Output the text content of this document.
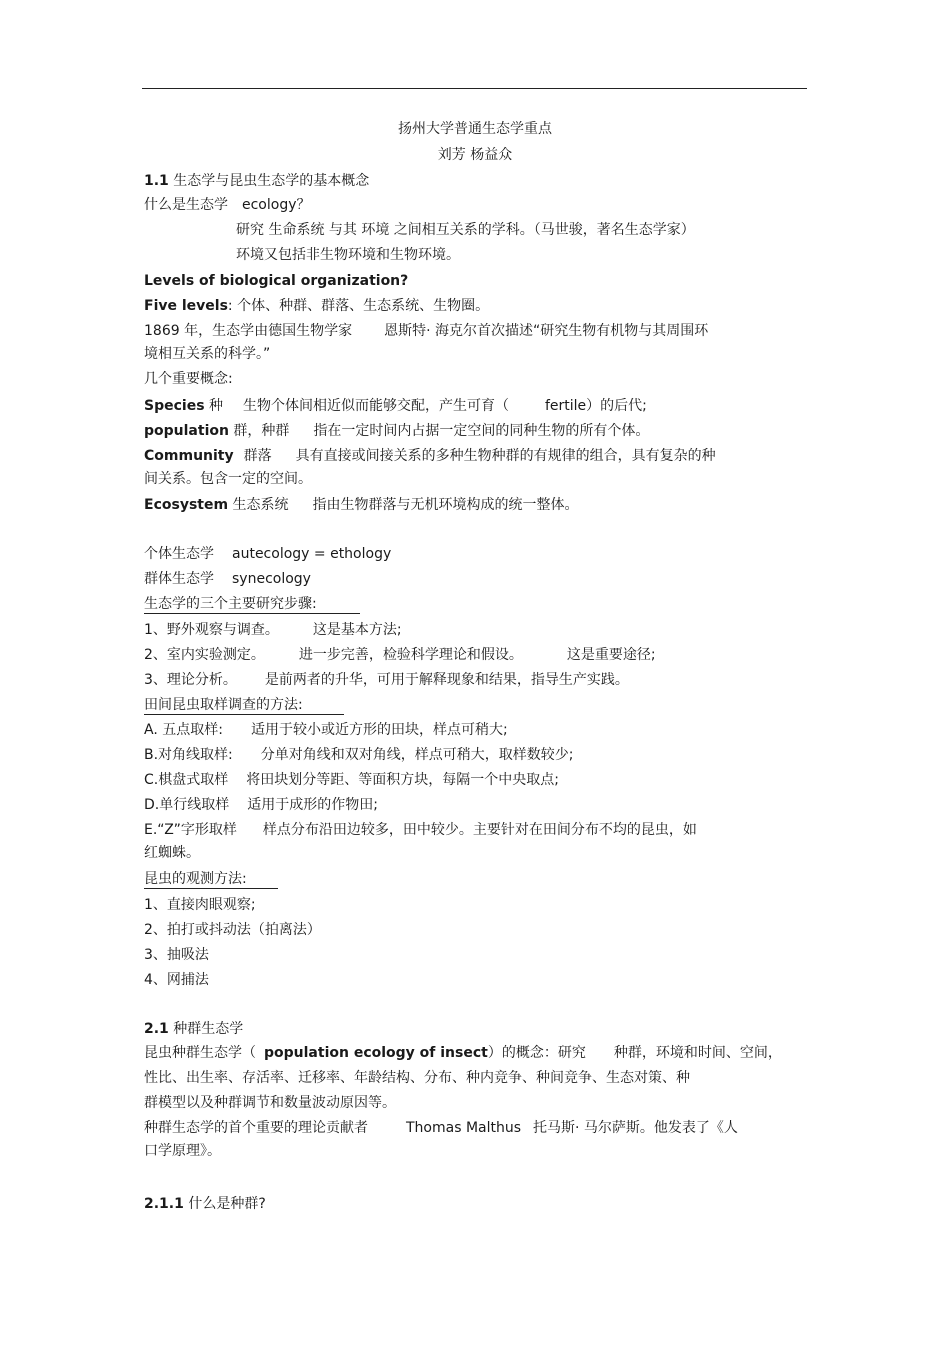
扬州大学普通生态学重点
刘芳 杨益众
1.1 生态学与昆虫生态学的基本概念
什么是生态学 ecology？
研究 生命系统 与其 环境 之间相互关系的学科。（马世骏，著名生态学家）
环境又包括非生物环境和生物环境。
Levels of biological organization?
Five levels: 个体、种群、群落、生态系统、生物圈。
1869 年，生态学由德国生物学家 恩斯特· 海克尔首次描述“研究生物有机物与其周围环
境相互关系的科学。”
几个重要概念:
Species 种 生物个体间相近似而能够交配，产生可育（	fertile）的后代;
population 群，种群 指在一定时间内占据一定空间的同种生物的所有个体。
Community 群落 具有直接或间接关系的多种生物种群的有规律的组合，具有复杂的种
间关系。包含一定的空间。
Ecosystem 生态系统 指由生物群落与无机环境构成的统一整体。
个体生态学 autecology = ethology
群体生态学 synecology
生态学的三个主要研究步骤:
1、野外观察与调查。 这是基本方法;
2、室内实验测定。 进一步完善，检验科学理论和假设。	这是重要途径;
3、理论分析。 是前两者的升华，可用于解释现象和结果，指导生产实践。
田间昆虫取样调查的方法:
A. 五点取样: 适用于较小或近方形的田块，样点可稍大;
B.对角线取样: 分单对角线和双对角线，样点可稍大，取样数较少;
C.棋盘式取样 将田块划分等距、等面积方块，每隔一个中央取点;
D.单行线取样 适用于成形的作物田;
E.“Z”字形取样 样点分布沿田边较多，田中较少。主要针对在田间分布不均的昆虫，如
红蜘蛛。
昆虫的观测方法:
1、直接肉眼观察;
2、拍打或抖动法（拍离法）
3、抽吸法
4、网捕法
2.1 种群生态学
昆虫种群生态学（ population ecology of insect）的概念：研究 种群，环境和时间、空间，
性比、出生率、存活率、迁移率、年龄结构、分布、种内竞争、种间竞争、生态对策、种
群模型以及种群调节和数量波动原因等。
种群生态学的首个重要的理论贡献者	Thomas Malthus 托马斯· 马尔萨斯。他发表了《人
口学原理》。
2.1.1 什么是种群?
